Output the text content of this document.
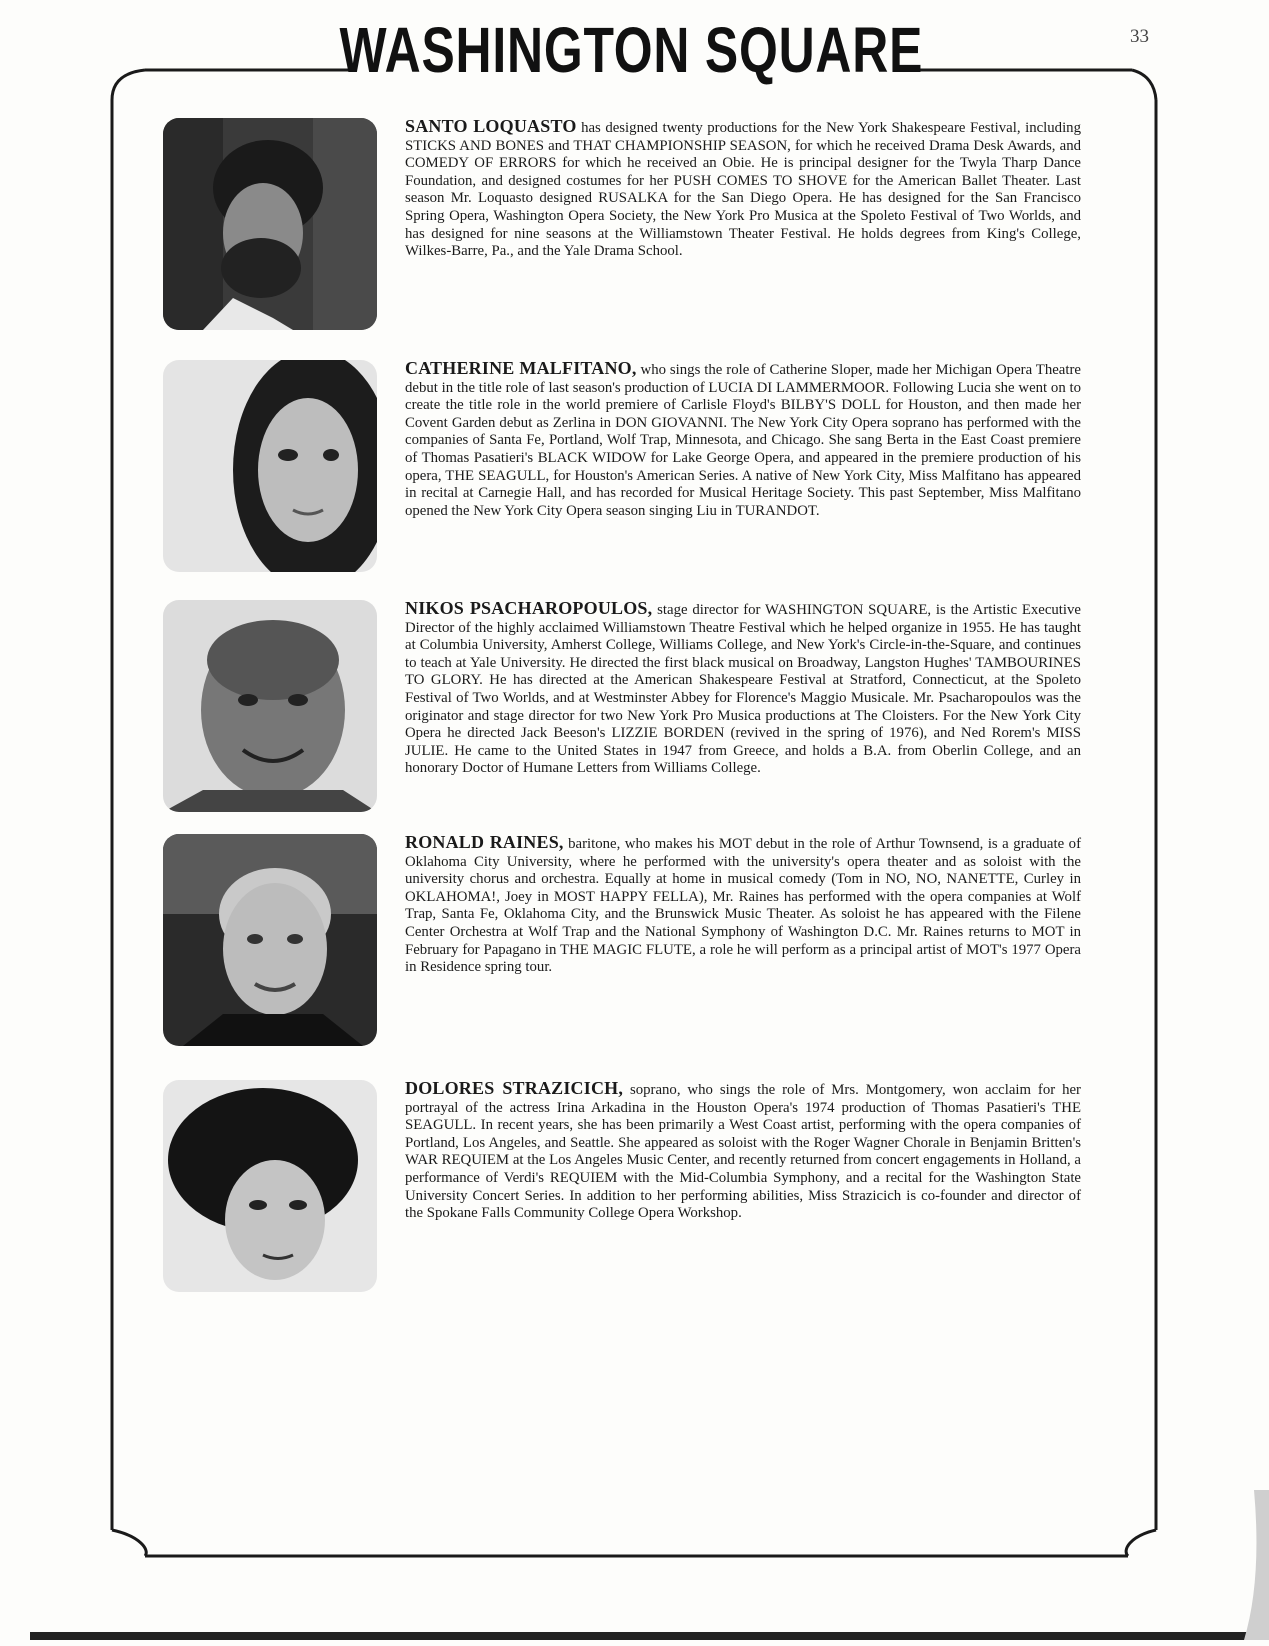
WASHINGTON SQUARE	33

SANTO LOQUASTO has designed twenty productions for the New York Shakespeare Festival, including STICKS AND BONES and THAT CHAMPIONSHIP SEASON, for which he received Drama Desk Awards, and COMEDY OF ERRORS for which he received an Obie. He is principal designer for the Twyla Tharp Dance Foundation, and designed costumes for her PUSH COMES TO SHOVE for the American Ballet Theater. Last season Mr. Loquasto designed RUSALKA for the San Diego Opera. He has designed for the San Francisco Spring Opera, Washington Opera Society, the New York Pro Musica at the Spoleto Festival of Two Worlds, and has designed for nine seasons at the Williamstown Theater Festival. He holds degrees from King's College, Wilkes-Barre, Pa., and the Yale Drama School.

CATHERINE MALFITANO, who sings the role of Catherine Sloper, made her Michigan Opera Theatre debut in the title role of last season's production of LUCIA DI LAMMERMOOR. Following Lucia she went on to create the title role in the world premiere of Carlisle Floyd's BILBY'S DOLL for Houston, and then made her Covent Garden debut as Zerlina in DON GIOVANNI. The New York City Opera soprano has performed with the companies of Santa Fe, Portland, Wolf Trap, Minnesota, and Chicago. She sang Berta in the East Coast premiere of Thomas Pasatieri's BLACK WIDOW for Lake George Opera, and appeared in the premiere production of his opera, THE SEAGULL, for Houston's American Series. A native of New York City, Miss Malfitano has appeared in recital at Carnegie Hall, and has recorded for Musical Heritage Society. This past September, Miss Malfitano opened the New York City Opera season singing Liu in TURANDOT.

NIKOS PSACHAROPOULOS, stage director for WASHINGTON SQUARE, is the Artistic Executive Director of the highly acclaimed Williamstown Theatre Festival which he helped organize in 1955. He has taught at Columbia University, Amherst College, Williams College, and New York's Circle-in-the-Square, and continues to teach at Yale University. He directed the first black musical on Broadway, Langston Hughes' TAMBOURINES TO GLORY. He has directed at the American Shakespeare Festival at Stratford, Connecticut, at the Spoleto Festival of Two Worlds, and at Westminster Abbey for Florence's Maggio Musicale. Mr. Psacharopoulos was the originator and stage director for two New York Pro Musica productions at The Cloisters. For the New York City Opera he directed Jack Beeson's LIZZIE BORDEN (revived in the spring of 1976), and Ned Rorem's MISS JULIE. He came to the United States in 1947 from Greece, and holds a B.A. from Oberlin College, and an honorary Doctor of Humane Letters from Williams College.

RONALD RAINES, baritone, who makes his MOT debut in the role of Arthur Townsend, is a graduate of Oklahoma City University, where he performed with the university's opera theater and as soloist with the university chorus and orchestra. Equally at home in musical comedy (Tom in NO, NO, NANETTE, Curley in OKLAHOMA!, Joey in MOST HAPPY FELLA), Mr. Raines has performed with the opera companies at Wolf Trap, Santa Fe, Oklahoma City, and the Brunswick Music Theater. As soloist he has appeared with the Filene Center Orchestra at Wolf Trap and the National Symphony of Washington D.C. Mr. Raines returns to MOT in February for Papagano in THE MAGIC FLUTE, a role he will perform as a principal artist of MOT's 1977 Opera in Residence spring tour.

DOLORES STRAZICICH, soprano, who sings the role of Mrs. Montgomery, won acclaim for her portrayal of the actress Irina Arkadina in the Houston Opera's 1974 production of Thomas Pasatieri's THE SEAGULL. In recent years, she has been primarily a West Coast artist, performing with the opera companies of Portland, Los Angeles, and Seattle. She appeared as soloist with the Roger Wagner Chorale in Benjamin Britten's WAR REQUIEM at the Los Angeles Music Center, and recently returned from concert engagements in Holland, a performance of Verdi's REQUIEM with the Mid-Columbia Symphony, and a recital for the Washington State University Concert Series. In addition to her performing abilities, Miss Strazicich is co-founder and director of the Spokane Falls Community College Opera Workshop.
